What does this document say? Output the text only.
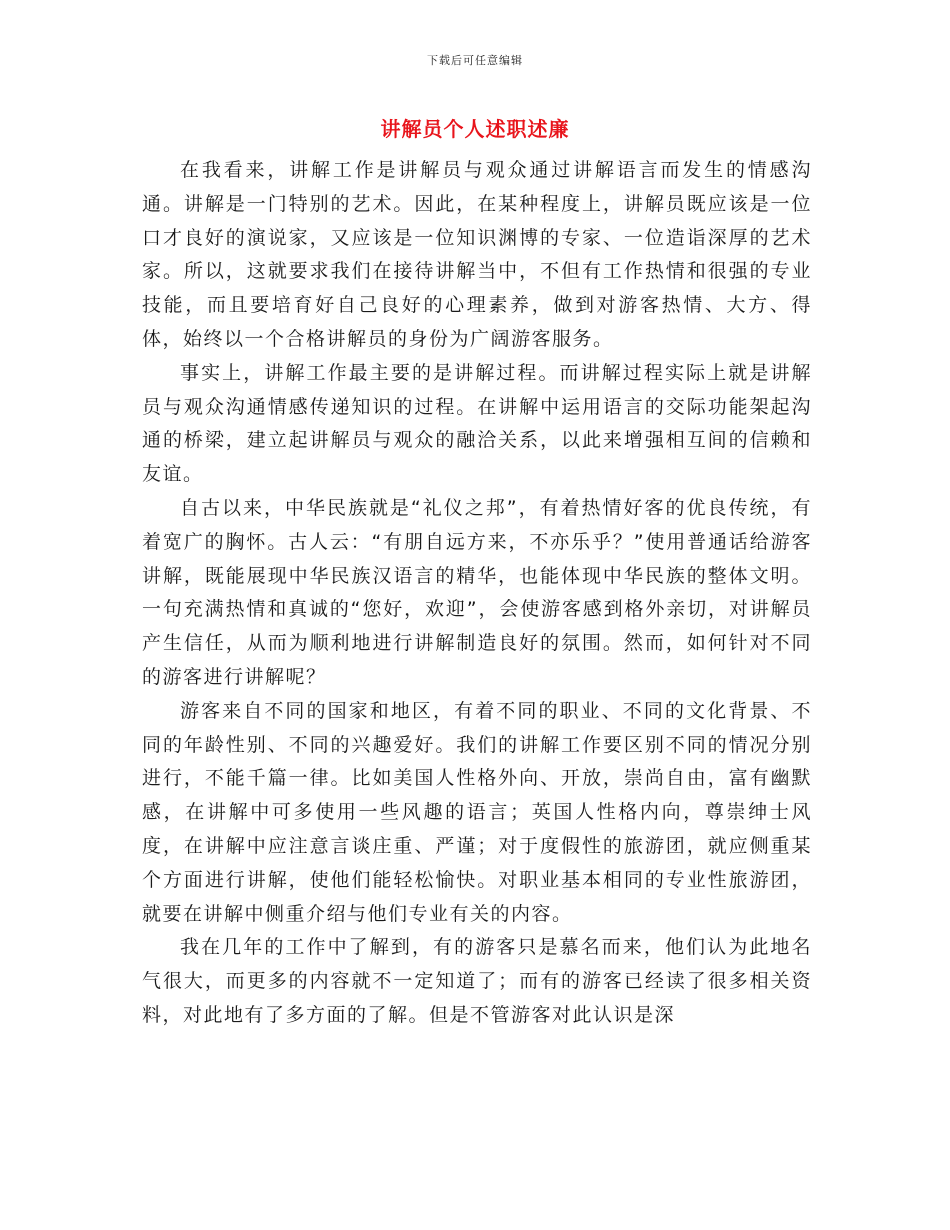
下载后可任意编辑
讲解员个人述职述廉

在我看来，讲解工作是讲解员与观众通过讲解语言而发生的情感沟通。讲解是一门特别的艺术。因此，在某种程度上，讲解员既应该是一位口才良好的演说家，又应该是一位知识渊博的专家、一位造诣深厚的艺术家。所以，这就要求我们在接待讲解当中，不但有工作热情和很强的专业技能，而且要培育好自己良好的心理素养，做到对游客热情、大方、得体，始终以一个合格讲解员的身份为广阔游客服务。

事实上，讲解工作最主要的是讲解过程。而讲解过程实际上就是讲解员与观众沟通情感传递知识的过程。在讲解中运用语言的交际功能架起沟通的桥梁，建立起讲解员与观众的融洽关系，以此来增强相互间的信赖和友谊。

自古以来，中华民族就是“礼仪之邦”，有着热情好客的优良传统，有着宽广的胸怀。古人云：“有朋自远方来，不亦乐乎？”使用普通话给游客讲解，既能展现中华民族汉语言的精华，也能体现中华民族的整体文明。一句充满热情和真诚的“您好，欢迎”，会使游客感到格外亲切，对讲解员产生信任，从而为顺利地进行讲解制造良好的氛围。然而，如何针对不同的游客进行讲解呢？

游客来自不同的国家和地区，有着不同的职业、不同的文化背景、不同的年龄性别、不同的兴趣爱好。我们的讲解工作要区别不同的情况分别进行，不能千篇一律。比如美国人性格外向、开放，崇尚自由，富有幽默感，在讲解中可多使用一些风趣的语言；英国人性格内向，尊崇绅士风度，在讲解中应注意言谈庄重、严谨；对于度假性的旅游团，就应侧重某个方面进行讲解，使他们能轻松愉快。对职业基本相同的专业性旅游团，就要在讲解中侧重介绍与他们专业有关的内容。

我在几年的工作中了解到，有的游客只是慕名而来，他们认为此地名气很大，而更多的内容就不一定知道了；而有的游客已经读了很多相关资料，对此地有了多方面的了解。但是不管游客对此认识是深
